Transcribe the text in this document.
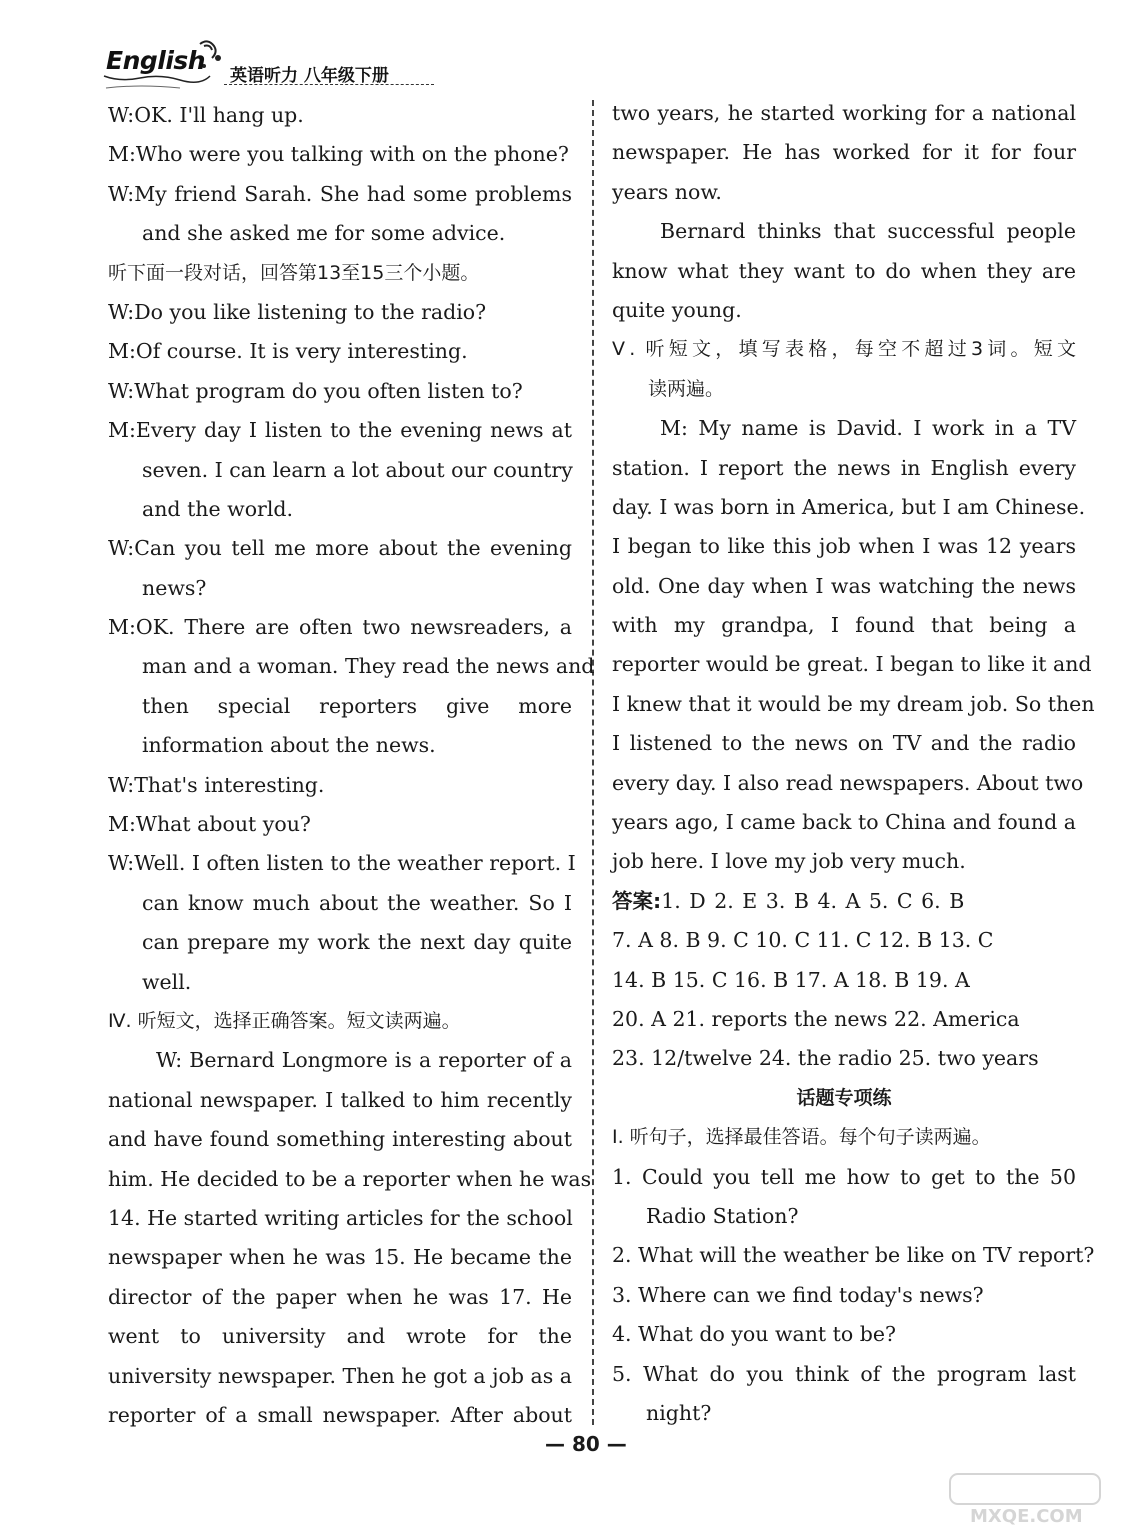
English
英语听力 八年级下册
W:OK. I'll hang up.
M:Who were you talking with on the phone?
W:My friend Sarah. She had some problems
and she asked me for some advice.
听下面一段对话，回答第13至15三个小题。
W:Do you like listening to the radio?
M:Of course. It is very interesting.
W:What program do you often listen to?
M:Every day I listen to the evening news at
seven. I can learn a lot about our country
and the world.
W:Can you tell me more about the evening
news?
M:OK. There are often two newsreaders, a
man and a woman. They read the news and
then special reporters give more
information about the news.
W:That's interesting.
M:What about you?
W:Well. I often listen to the weather report. I
can know much about the weather. So I
can prepare my work the next day quite
well.
Ⅳ. 听短文，选择正确答案。短文读两遍。
W: Bernard Longmore is a reporter of a
national newspaper. I talked to him recently
and have found something interesting about
him. He decided to be a reporter when he was
14. He started writing articles for the school
newspaper when he was 15. He became the
director of the paper when he was 17. He
went to university and wrote for the
university newspaper. Then he got a job as a
reporter of a small newspaper. After about
two years, he started working for a national
newspaper. He has worked for it for four
years now.
Bernard thinks that successful people
know what they want to do when they are
quite young.
Ⅴ. 听短文，填写表格，每空不超过3词。短文
读两遍。
M: My name is David. I work in a TV
station. I report the news in English every
day. I was born in America, but I am Chinese.
I began to like this job when I was 12 years
old. One day when I was watching the news
with my grandpa, I found that being a
reporter would be great. I began to like it and
I knew that it would be my dream job. So then
I listened to the news on TV and the radio
every day. I also read newspapers. About two
years ago, I came back to China and found a
job here. I love my job very much.
答案:1. D 2. E 3. B 4. A 5. C 6. B
7. A 8. B 9. C 10. C 11. C 12. B 13. C
14. B 15. C 16. B 17. A 18. B 19. A
20. A 21. reports the news 22. America
23. 12/twelve 24. the radio 25. two years
话题专项练
Ⅰ. 听句子，选择最佳答语。每个句子读两遍。
1. Could you tell me how to get to the 50
Radio Station?
2. What will the weather be like on TV report?
3. Where can we find today's news?
4. What do you want to be?
5. What do you think of the program last
night?
— 80 —
MXQE.COM
